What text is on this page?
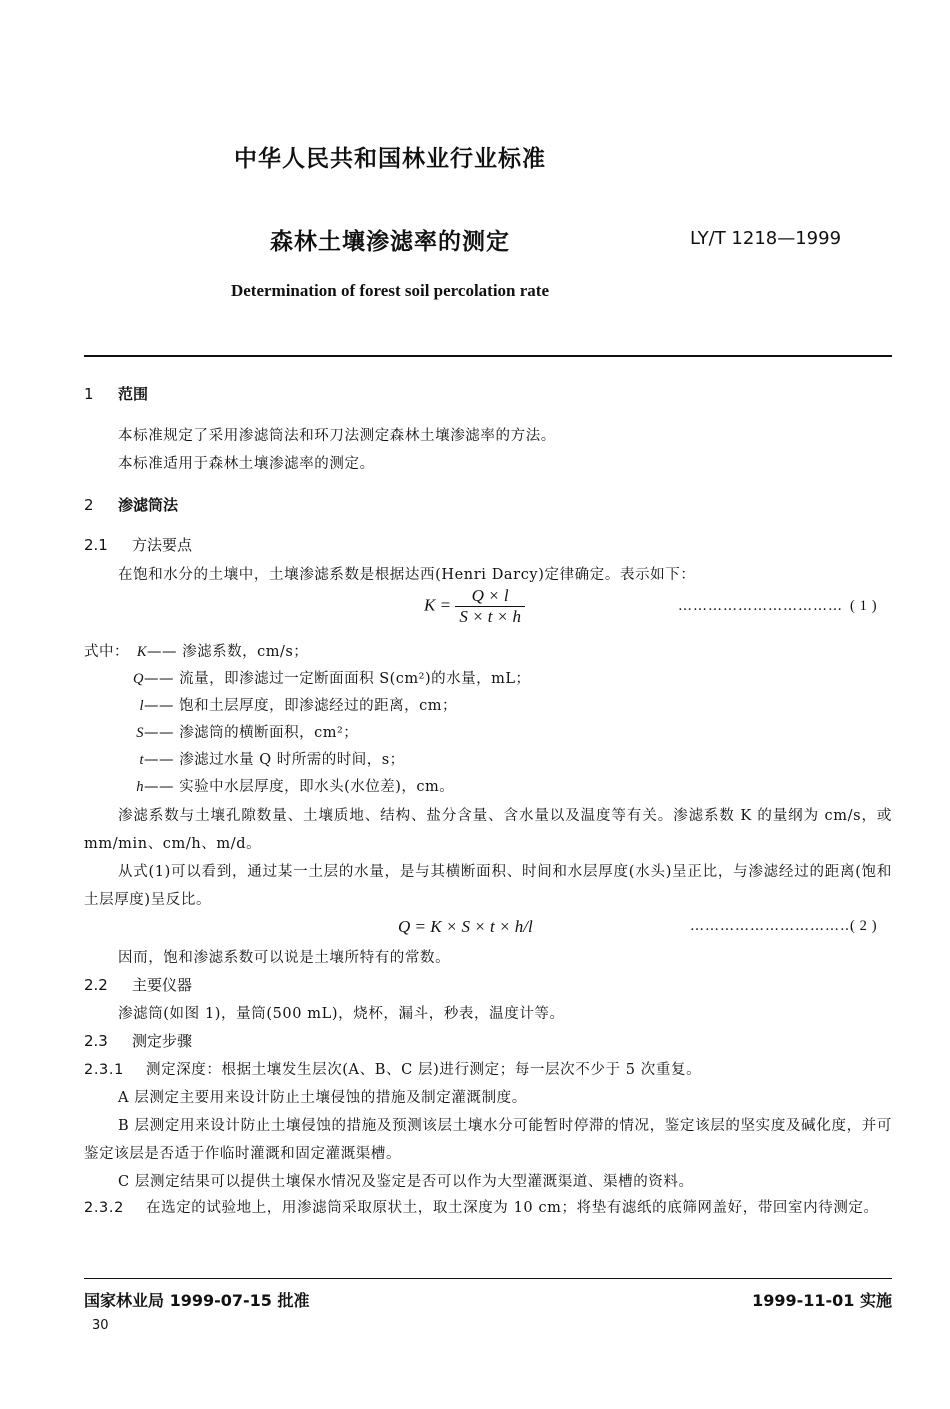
中华人民共和国林业行业标准
森林土壤渗滤率的测定	LY/T 1218—1999
Determination of forest soil percolation rate
1 范围
本标准规定了采用渗滤筒法和环刀法测定森林土壤渗滤率的方法。
本标准适用于森林土壤渗滤率的测定。
2 渗滤筒法
2.1 方法要点
在饱和水分的土壤中，土壤渗滤系数是根据达西(Henri Darcy)定律确定。表示如下：
$K = \frac{Q \times l}{S \times t \times h}$	…………………………… ( 1 )
式中： K—— 渗滤系数，cm/s；
Q—— 流量，即渗滤过一定断面面积 S(cm²)的水量，mL；
l—— 饱和土层厚度，即渗滤经过的距离，cm；
S—— 渗滤筒的横断面积，cm²；
t—— 渗滤过水量 Q 时所需的时间，s；
h—— 实验中水层厚度，即水头(水位差)，cm。
渗滤系数与土壤孔隙数量、土壤质地、结构、盐分含量、含水量以及温度等有关。渗滤系数 K 的量纲为 cm/s，或 mm/min、cm/h、m/d。
从式(1)可以看到，通过某一土层的水量，是与其横断面积、时间和水层厚度(水头)呈正比，与渗滤经过的距离(饱和土层厚度)呈反比。
Q = K × S × t × h/l	……………………………
( 2 )
因而，饱和渗滤系数可以说是土壤所特有的常数。
2.2 主要仪器
渗滤筒(如图 1)，量筒(500 mL)，烧杯，漏斗，秒表，温度计等。
2.3 测定步骤
2.3.1 测定深度：根据土壤发生层次(A、B、C 层)进行测定；每一层次不少于 5 次重复。
A 层测定主要用来设计防止土壤侵蚀的措施及制定灌溉制度。
B 层测定用来设计防止土壤侵蚀的措施及预测该层土壤水分可能暂时停滞的情况，鉴定该层的坚实度及碱化度，并可鉴定该层是否适于作临时灌溉和固定灌溉渠槽。
C 层测定结果可以提供土壤保水情况及鉴定是否可以作为大型灌溉渠道、渠槽的资料。
2.3.2 在选定的试验地上，用渗滤筒采取原状土，取土深度为 10 cm；将垫有滤纸的底筛网盖好，带回室内待测定。
国家林业局 1999-07-15 批准	1999-11-01 实施
30
